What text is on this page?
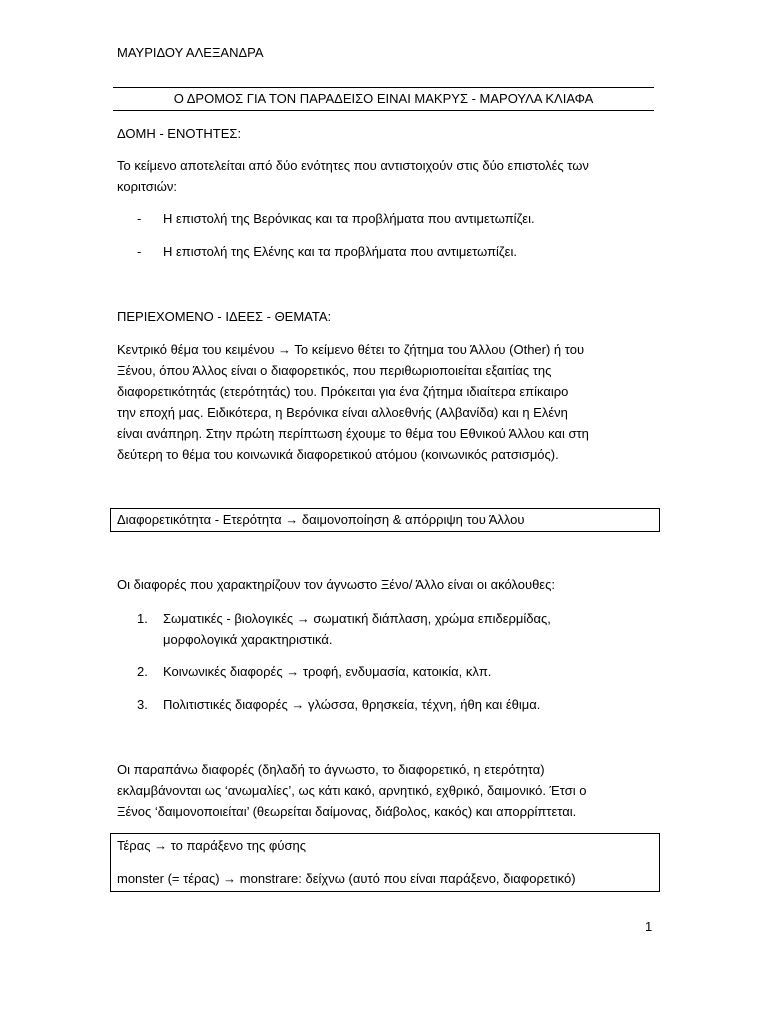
ΜΑΥΡΙΔΟΥ ΑΛΕΞΑΝΔΡΑ
Ο ΔΡΟΜΟΣ ΓΙΑ ΤΟΝ ΠΑΡΑΔΕΙΣΟ ΕΙΝΑΙ ΜΑΚΡΥΣ - ΜΑΡΟΥΛΑ ΚΛΙΑΦΑ
ΔΟΜΗ - ΕΝΟΤΗΤΕΣ:
Το κείμενο αποτελείται από δύο ενότητες που αντιστοιχούν στις δύο επιστολές των
κοριτσιών:
- Η επιστολή της Βερόνικας και τα προβλήματα που αντιμετωπίζει.
- Η επιστολή της Ελένης και τα προβλήματα που αντιμετωπίζει.
ΠΕΡΙΕΧΟΜΕΝΟ - ΙΔΕΕΣ - ΘΕΜΑΤΑ:
Κεντρικό θέμα του κειμένου → Το κείμενο θέτει το ζήτημα του Άλλου (Other) ή του
Ξένου, όπου Άλλος είναι ο διαφορετικός, που περιθωριοποιείται εξαιτίας της
διαφορετικότητάς (ετερότητάς) του. Πρόκειται για ένα ζήτημα ιδιαίτερα επίκαιρο
την εποχή μας. Ειδικότερα, η Βερόνικα είναι αλλοεθνής (Αλβανίδα) και η Ελένη
είναι ανάπηρη. Στην πρώτη περίπτωση έχουμε το θέμα του Εθνικού Άλλου και στη
δεύτερη το θέμα του κοινωνικά διαφορετικού ατόμου (κοινωνικός ρατσισμός).
Διαφορετικότητα - Ετερότητα → δαιμονοποίηση & απόρριψη του Άλλου
Οι διαφορές που χαρακτηρίζουν τον άγνωστο Ξένο/ Άλλο είναι οι ακόλουθες:
1. Σωματικές - βιολογικές → σωματική διάπλαση, χρώμα επιδερμίδας,
μορφολογικά χαρακτηριστικά.
2. Κοινωνικές διαφορές → τροφή, ενδυμασία, κατοικία, κλπ.
3. Πολιτιστικές διαφορές → γλώσσα, θρησκεία, τέχνη, ήθη και έθιμα.
Οι παραπάνω διαφορές (δηλαδή το άγνωστο, το διαφορετικό, η ετερότητα)
εκλαμβάνονται ως ‘ανωμαλίες’, ως κάτι κακό, αρνητικό, εχθρικό, δαιμονικό. Έτσι ο
Ξένος ‘δαιμονοποιείται’ (θεωρείται δαίμονας, διάβολος, κακός) και απορρίπτεται.
Τέρας → το παράξενο της φύσης
monster (= τέρας) → monstrare: δείχνω (αυτό που είναι παράξενο, διαφορετικό)
1
